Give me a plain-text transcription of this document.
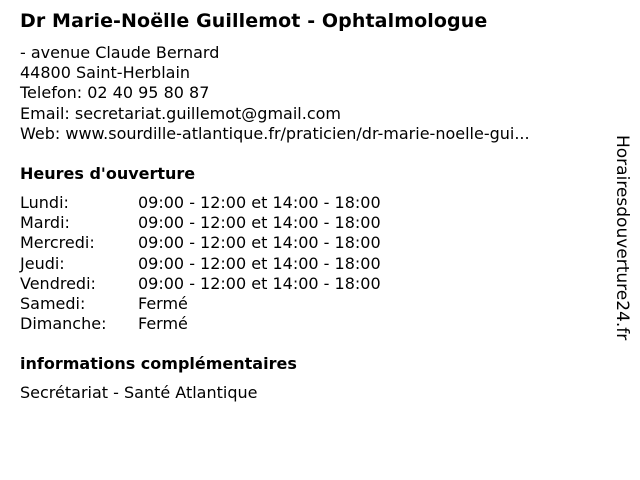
Dr Marie-Noëlle Guillemot - Ophtalmologue
- avenue Claude Bernard
44800 Saint-Herblain
Telefon: 02 40 95 80 87
Email: secretariat.guillemot@gmail.com
Web: www.sourdille-atlantique.fr/praticien/dr-marie-noelle-gui...
Heures d'ouverture
Lundi:	09:00 - 12:00 et 14:00 - 18:00
Mardi:	09:00 - 12:00 et 14:00 - 18:00
Mercredi:	09:00 - 12:00 et 14:00 - 18:00
Jeudi:	09:00 - 12:00 et 14:00 - 18:00
Vendredi:	09:00 - 12:00 et 14:00 - 18:00
Samedi:	Fermé
Dimanche: Fermé
informations complémentaires
Secrétariat - Santé Atlantique
Horairesdouverture24.fr
